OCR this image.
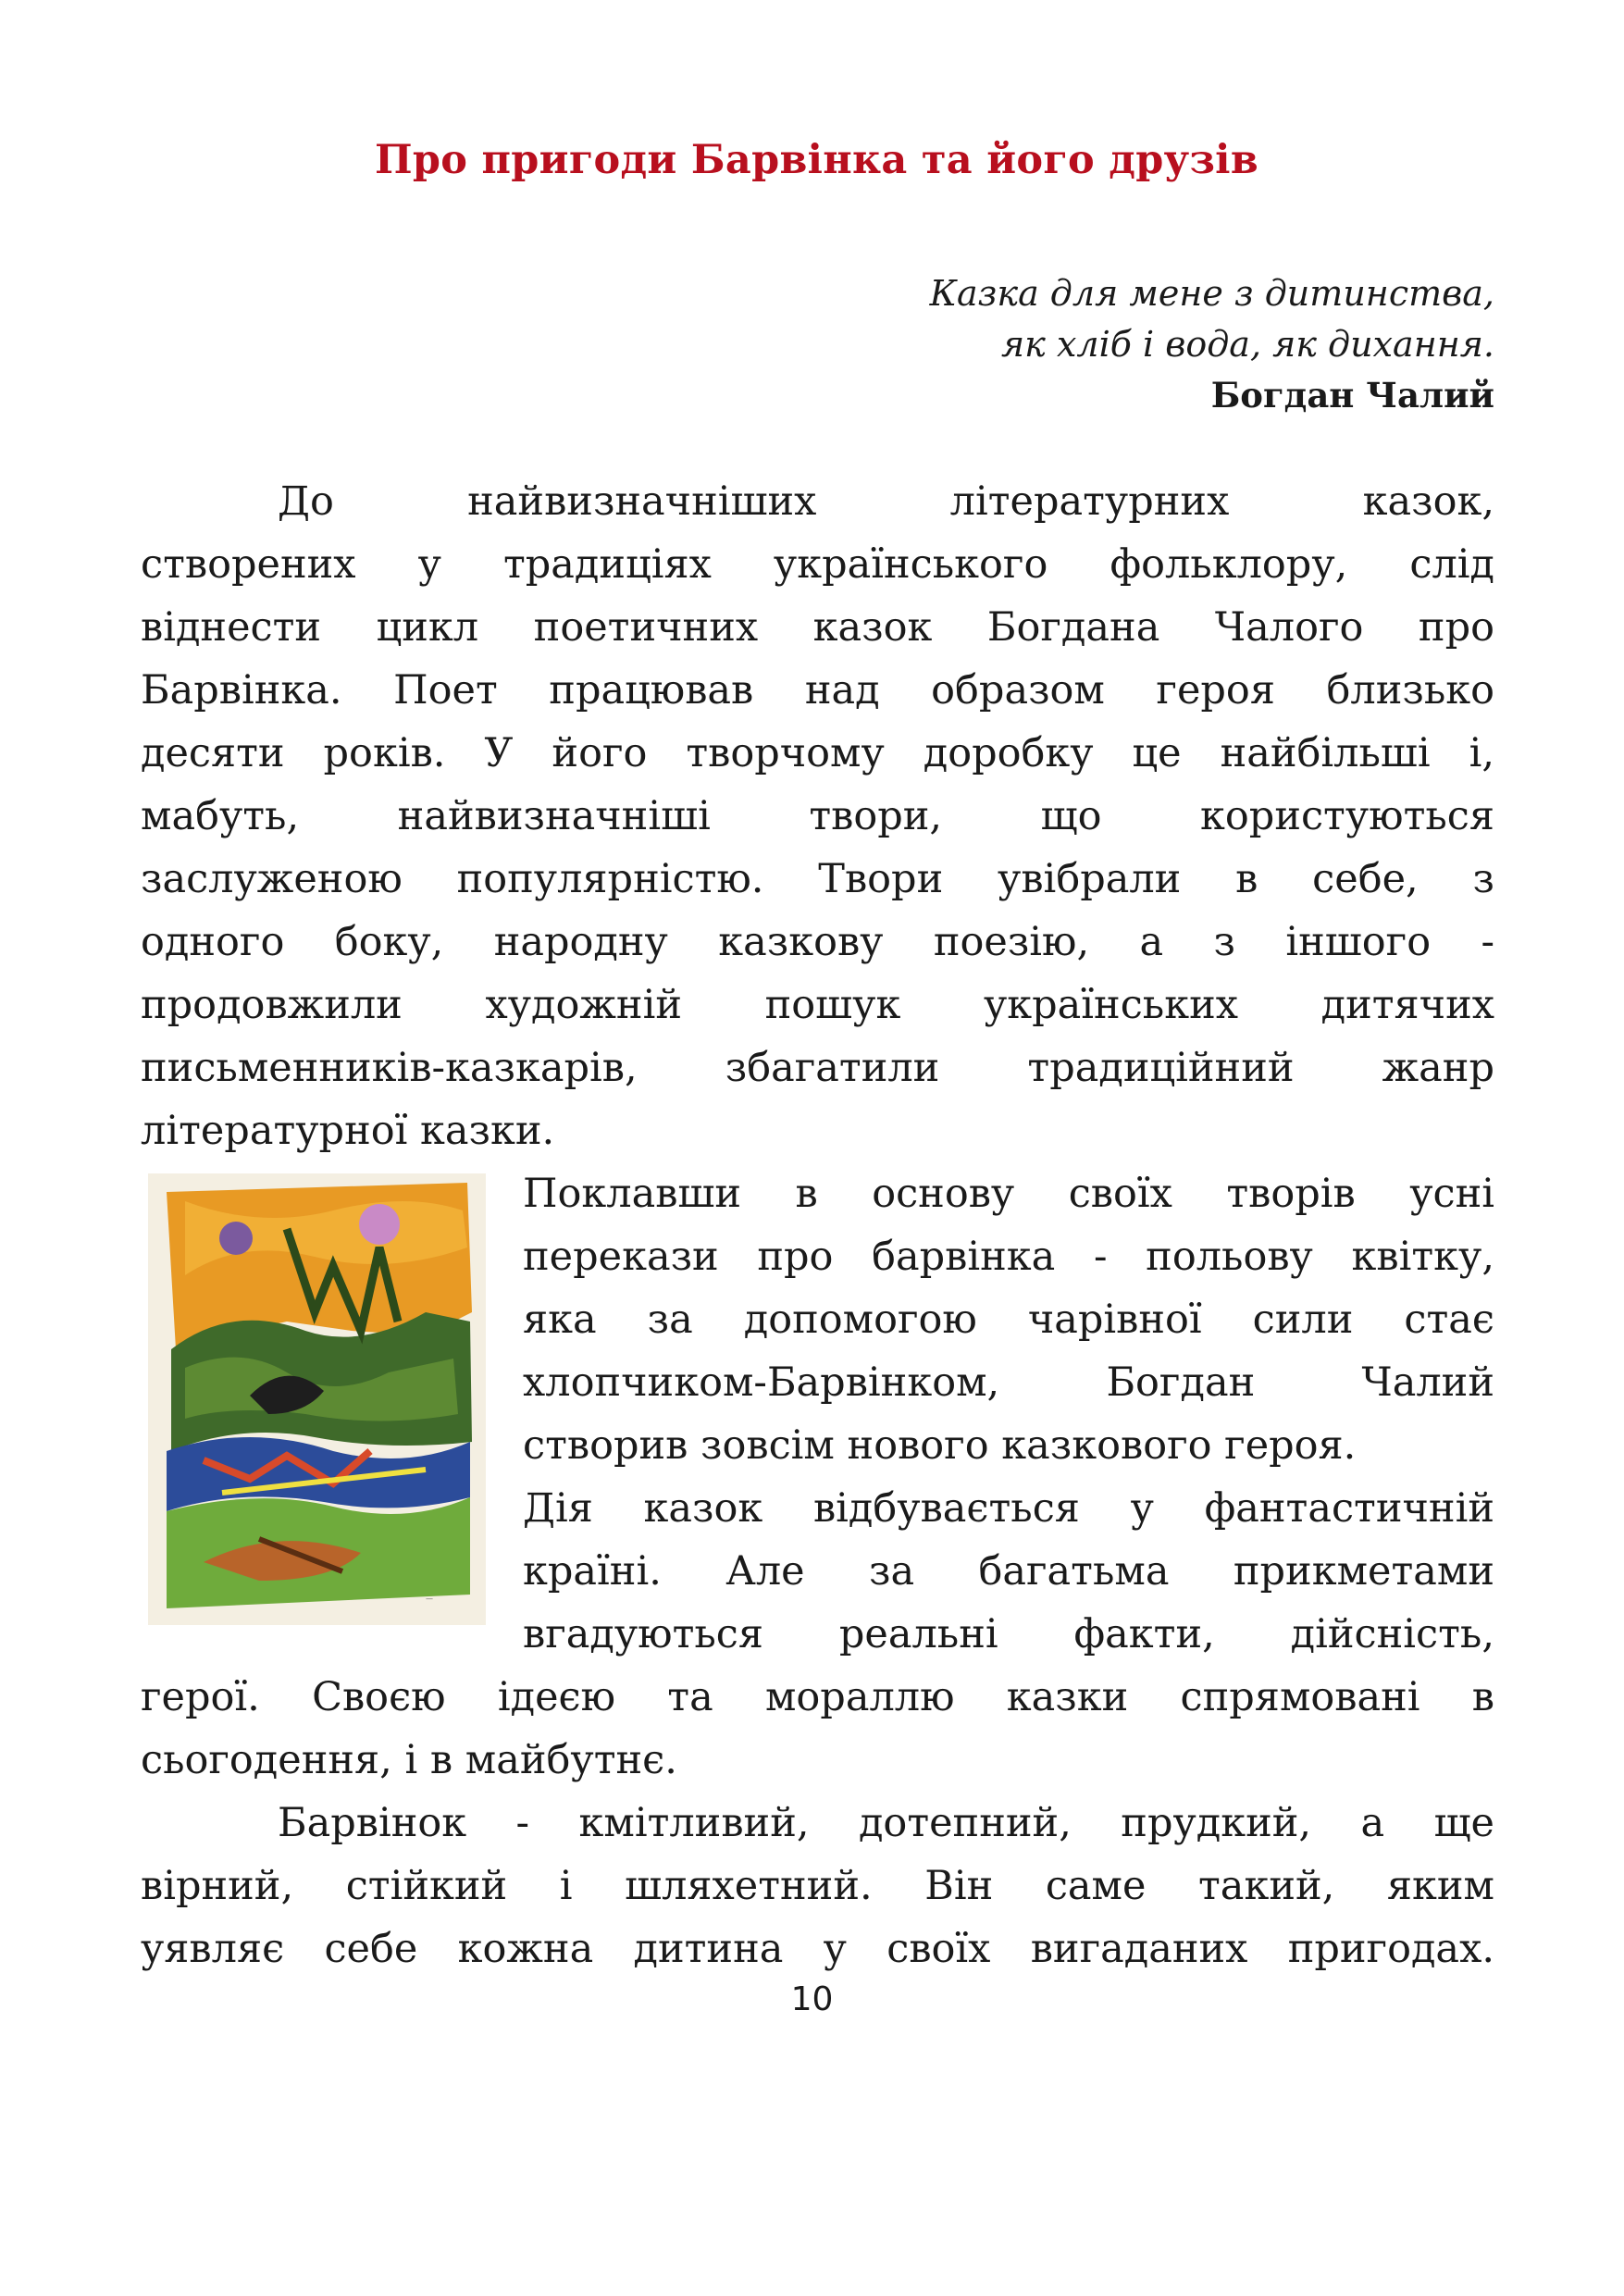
Про пригоди Барвінка та його друзів
Казка для мене з дитинства,
як хліб і вода, як дихання.
Богдан Чалий
До найвизначніших літературних казок,
створених у традиціях українського фольклору, слід
віднести цикл поетичних казок Богдана Чалого про
Барвінка. Поет працював над образом героя близько
десяти років. У його творчому доробку це найбільші і,
мабуть, найвизначніші твори, що користуються
заслуженою популярністю. Твори увібрали в себе, з
одного боку, народну казкову поезію, а з іншого -
продовжили художній пошук українських дитячих
письменників-казкарів, збагатили традиційний жанр
літературної казки.
—
Поклавши в основу своїх творів усні
перекази про барвінка - польову квітку,
яка за допомогою чарівної сили стає
хлопчиком-Барвінком, Богдан Чалий
створив зовсім нового казкового героя.
Дія казок відбувається у фантастичній
країні. Але за багатьма прикметами
вгадуються реальні факти, дійсність,
герої. Своєю ідеєю та мораллю казки спрямовані в
сьогодення, і в майбутнє.
Барвінок - кмітливий, дотепний, прудкий, а ще
вірний, стійкий і шляхетний. Він саме такий, яким
уявляє себе кожна дитина у своїх вигаданих пригодах.
10
